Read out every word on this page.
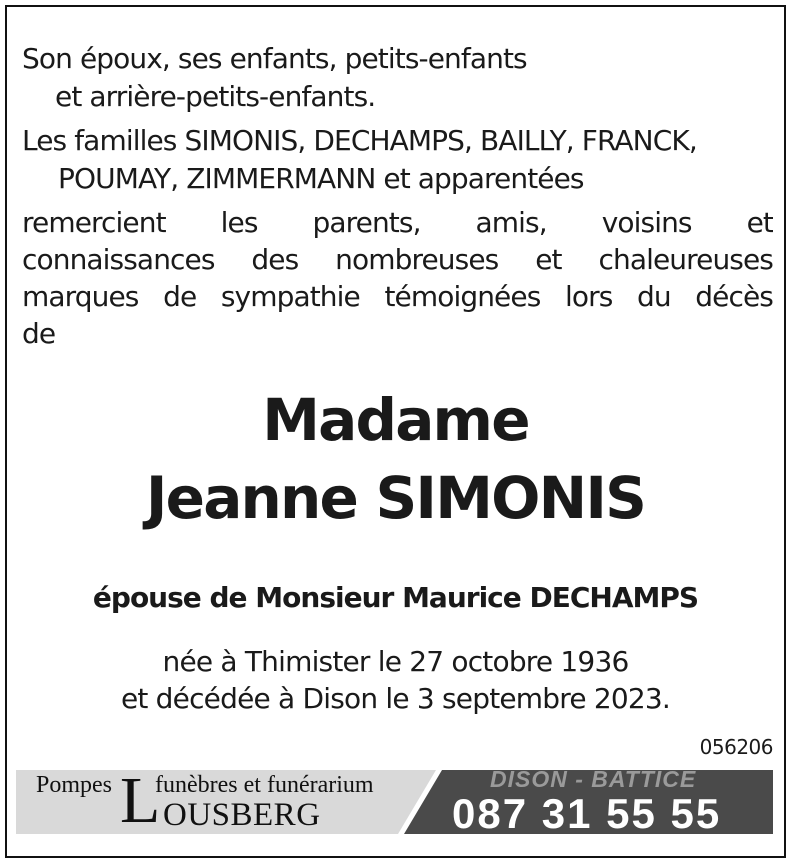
Son époux, ses enfants, petits-enfants
et arrière-petits-enfants.
Les familles SIMONIS, DECHAMPS, BAILLY, FRANCK,
POUMAY, ZIMMERMANN et apparentées
remercient les parents, amis, voisins et
connaissances des nombreuses et chaleureuses
marques de sympathie témoignées lors du décès
de
Madame
Jeanne SIMONIS
épouse de Monsieur Maurice DECHAMPS
née à Thimister le 27 octobre 1936
et décédée à Dison le 3 septembre 2023.
056206
Pompes L
funèbres et funérarium
OUSBERG
DISON - BATTICE
087 31 55 55
